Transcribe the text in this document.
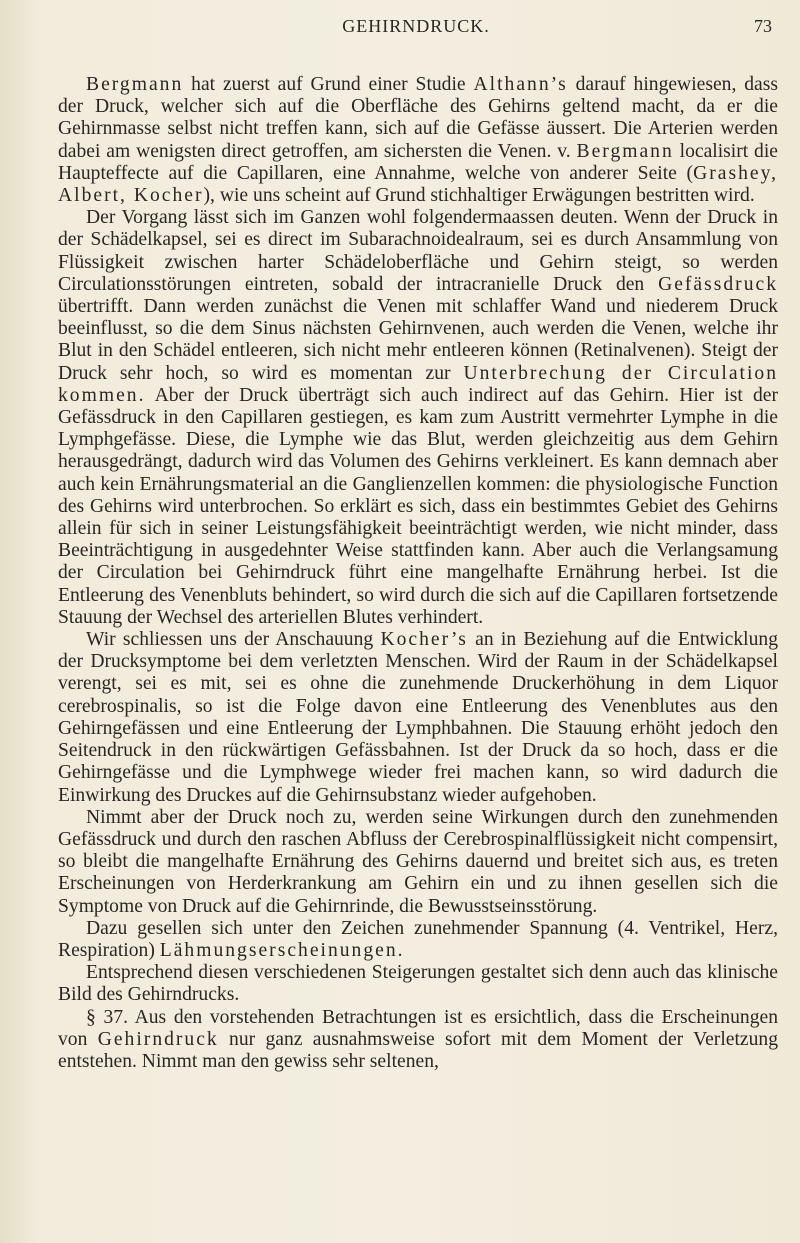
GEHIRNDRUCK.	73

Bergmann hat zuerst auf Grund einer Studie Althann’s darauf hingewiesen, dass der Druck, welcher sich auf die Oberfläche des Gehirns geltend macht, da er die Gehirnmasse selbst nicht treffen kann, sich auf die Gefässe äussert. Die Arterien werden dabei am wenigsten direct getroffen, am sichersten die Venen. v. Bergmann localisirt die Haupteffecte auf die Capillaren, eine Annahme, welche von anderer Seite (Grashey, Albert, Kocher), wie uns scheint auf Grund stichhaltiger Erwägungen bestritten wird.

Der Vorgang lässt sich im Ganzen wohl folgendermaassen deuten. Wenn der Druck in der Schädelkapsel, sei es direct im Subarachnoidealraum, sei es durch Ansammlung von Flüssigkeit zwischen harter Schädeloberfläche und Gehirn steigt, so werden Circulationsstörungen eintreten, sobald der intracranielle Druck den Gefässdruck übertrifft. Dann werden zunächst die Venen mit schlaffer Wand und niederem Druck beeinflusst, so die dem Sinus nächsten Gehirnvenen, auch werden die Venen, welche ihr Blut in den Schädel entleeren, sich nicht mehr entleeren können (Retinalvenen). Steigt der Druck sehr hoch, so wird es momentan zur Unterbrechung der Circulation kommen. Aber der Druck überträgt sich auch indirect auf das Gehirn. Hier ist der Gefässdruck in den Capillaren gestiegen, es kam zum Austritt vermehrter Lymphe in die Lymphgefässe. Diese, die Lymphe wie das Blut, werden gleichzeitig aus dem Gehirn herausgedrängt, dadurch wird das Volumen des Gehirns verkleinert. Es kann demnach aber auch kein Ernährungsmaterial an die Ganglienzellen kommen: die physiologische Function des Gehirns wird unterbrochen. So erklärt es sich, dass ein bestimmtes Gebiet des Gehirns allein für sich in seiner Leistungsfähigkeit beeinträchtigt werden, wie nicht minder, dass Beeinträchtigung in ausgedehnter Weise stattfinden kann. Aber auch die Verlangsamung der Circulation bei Gehirndruck führt eine mangelhafte Ernährung herbei. Ist die Entleerung des Venenbluts behindert, so wird durch die sich auf die Capillaren fortsetzende Stauung der Wechsel des arteriellen Blutes verhindert.

Wir schliessen uns der Anschauung Kocher’s an in Beziehung auf die Entwicklung der Drucksymptome bei dem verletzten Menschen. Wird der Raum in der Schädelkapsel verengt, sei es mit, sei es ohne die zunehmende Druckerhöhung in dem Liquor cerebrospinalis, so ist die Folge davon eine Entleerung des Venenblutes aus den Gehirngefässen und eine Entleerung der Lymphbahnen. Die Stauung erhöht jedoch den Seitendruck in den rückwärtigen Gefässbahnen. Ist der Druck da so hoch, dass er die Gehirngefässe und die Lymphwege wieder frei machen kann, so wird dadurch die Einwirkung des Druckes auf die Gehirnsubstanz wieder aufgehoben.

Nimmt aber der Druck noch zu, werden seine Wirkungen durch den zunehmenden Gefässdruck und durch den raschen Abfluss der Cerebrospinalflüssigkeit nicht compensirt, so bleibt die mangelhafte Ernährung des Gehirns dauernd und breitet sich aus, es treten Erscheinungen von Herderkrankung am Gehirn ein und zu ihnen gesellen sich die Symptome von Druck auf die Gehirnrinde, die Bewusstseinsstörung.

Dazu gesellen sich unter den Zeichen zunehmender Spannung (4. Ventrikel, Herz, Respiration) Lähmungserscheinungen.

Entsprechend diesen verschiedenen Steigerungen gestaltet sich denn auch das klinische Bild des Gehirndrucks.

§ 37. Aus den vorstehenden Betrachtungen ist es ersichtlich, dass die Erscheinungen von Gehirndruck nur ganz ausnahmsweise sofort mit dem Moment der Verletzung entstehen. Nimmt man den gewiss sehr seltenen,
